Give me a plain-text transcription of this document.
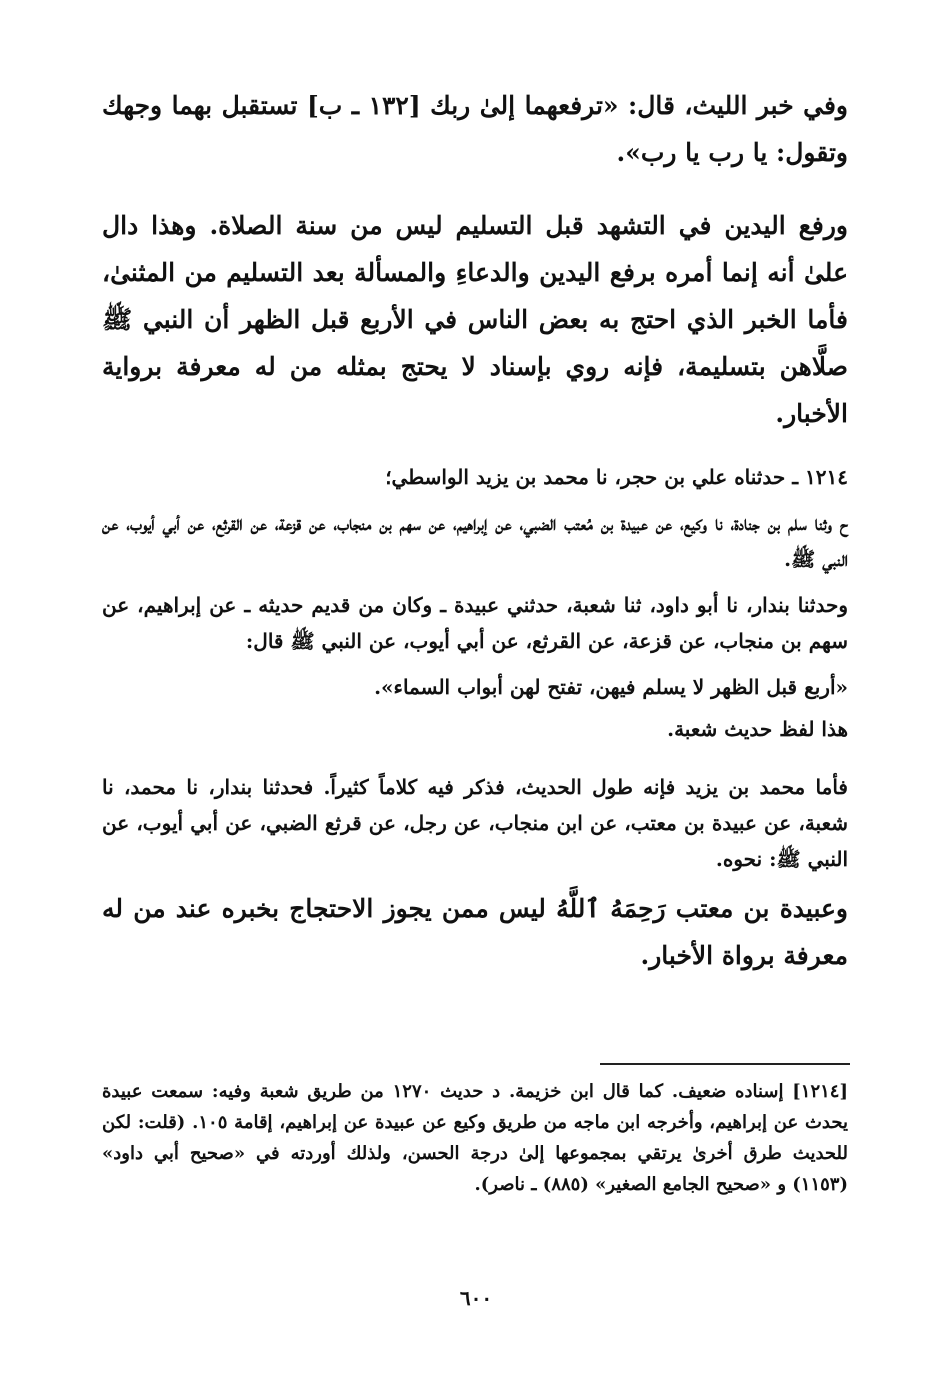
وفي خبر الليث، قال: «ترفعهما إلىٰ ربك [١٣٢ ـ ب] تستقبل بهما وجهك وتقول: يا رب يا رب».

ورفع اليدين في التشهد قبل التسليم ليس من سنة الصلاة. وهذا دال علىٰ أنه إنما أمره برفع اليدين والدعاءِ والمسألة بعد التسليم من المثنىٰ، فأما الخبر الذي احتج به بعض الناس في الأربع قبل الظهر أن النبي ﷺ صلَّاهن بتسليمة، فإنه روي بإسناد لا يحتج بمثله من له معرفة برواية الأخبار.

١٢١٤ ـ حدثناه علي بن حجر، نا محمد بن يزيد الواسطي؛

ح وثنا سلم بن جنادة، نا وكيع، عن عبيدة بن مُعتب الضبي، عن إبراهيم، عن سهم بن منجاب، عن قزعة، عن القرثع، عن أبي أيوب، عن النبي ﷺ.

وحدثنا بندار، نا أبو داود، ثنا شعبة، حدثني عبيدة ـ وكان من قديم حديثه ـ عن إبراهيم، عن سهم بن منجاب، عن قزعة، عن القرثع، عن أبي أيوب، عن النبي ﷺ قال:

«أربع قبل الظهر لا يسلم فيهن، تفتح لهن أبواب السماء».

هذا لفظ حديث شعبة.

فأما محمد بن يزيد فإنه طول الحديث، فذكر فيه كلاماً كثيراً. فحدثنا بندار، نا محمد، نا شعبة، عن عبيدة بن معتب، عن ابن منجاب، عن رجل، عن قرثع الضبي، عن أبي أيوب، عن النبي ﷺ: نحوه.

وعبيدة بن معتب رَحِمَهُ ٱللَّهُ ليس ممن يجوز الاحتجاج بخبره عند من له معرفة برواة الأخبار.

[١٢١٤] إسناده ضعيف. كما قال ابن خزيمة. د حديث ١٢٧٠ من طريق شعبة وفيه: سمعت عبيدة يحدث عن إبراهيم، وأخرجه ابن ماجه من طريق وكيع عن عبيدة عن إبراهيم، إقامة ١٠٥. (قلت: لكن للحديث طرق أخرىٰ يرتقي بمجموعها إلىٰ درجة الحسن، ولذلك أوردته في «صحيح أبي داود» (١١٥٣) و «صحيح الجامع الصغير» (٨٨٥) ـ ناصر).
٦٠٠
